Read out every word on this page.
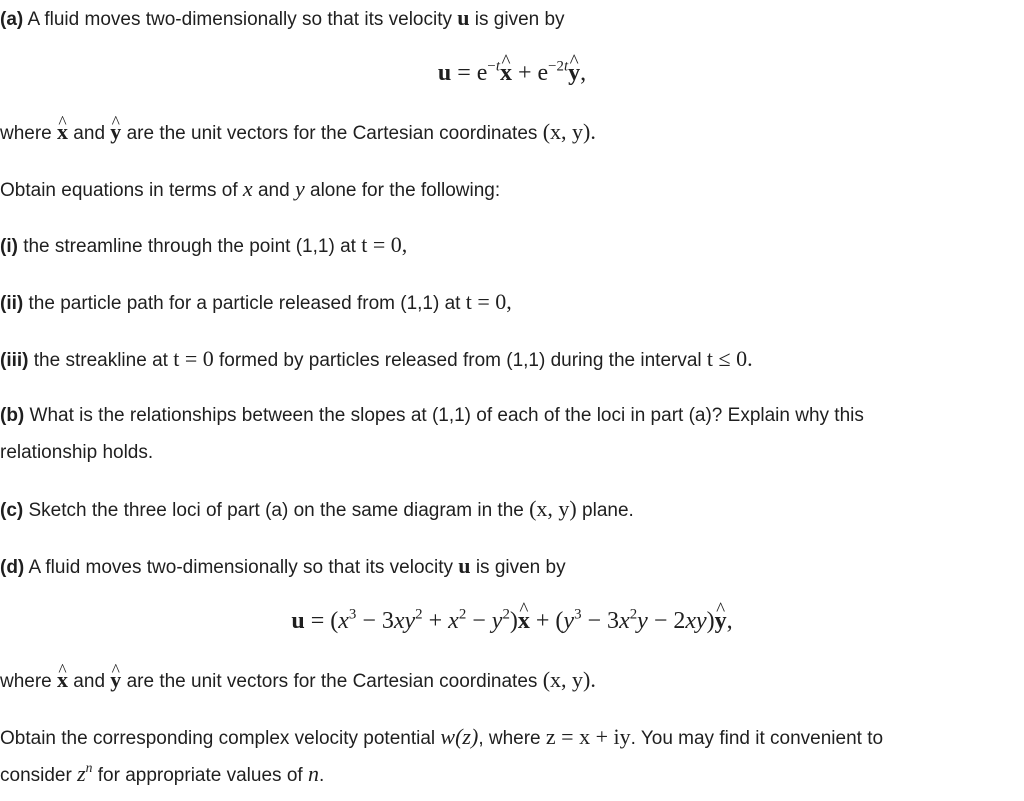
(a) A fluid moves two-dimensionally so that its velocity u is given by
$u = e^{-t}\^{}$ $x + e^{-2t}\^{}$ y,
where ^ x and ^ y are the unit vectors for the Cartesian coordinates (x, y).
Obtain equations in terms of x and y alone for the following:
(i) the streamline through the point (1,1) at t = 0,
(ii) the particle path for a particle released from (1,1) at t = 0,
(iii) the streakline at t = 0 formed by particles released from (1,1) during the interval t ≤ 0.
(b) What is the relationships between the slopes at (1,1) of each of the loci in part (a)? Explain why this
relationship holds.
(c) Sketch the three loci of part (a) on the same diagram in the (x, y) plane.
(d) A fluid moves two-dimensionally so that its velocity u is given by
$u = (x^3 - 3xy^2 + x^2$ − $y^2)\^{}$ $x + (y^3 - 3x^2y$ − 2xy)^ y,
where ^ x and ^ y are the unit vectors for the Cartesian coordinates (x, y).
Obtain the corresponding complex velocity potential w(z), where z = x + iy. You may find it convenient to
consider $z^n$ for appropriate values of n.
